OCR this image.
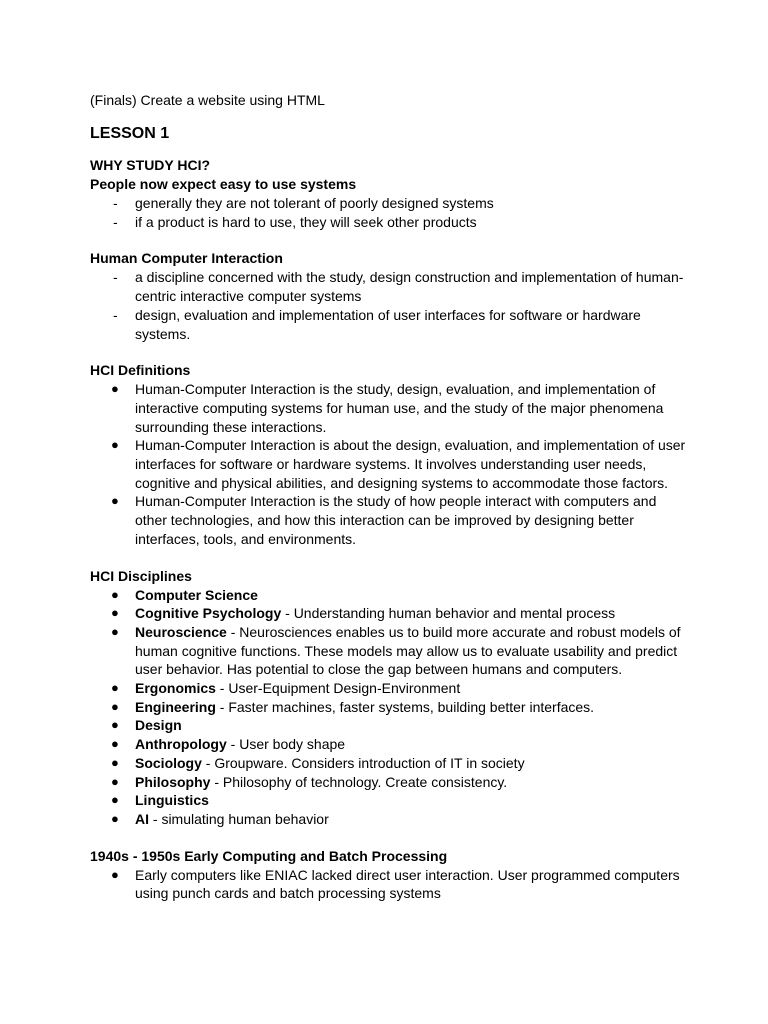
(Finals) Create a website using HTML
LESSON 1
WHY STUDY HCI?
People now expect easy to use systems
- generally they are not tolerant of poorly designed systems
- if a product is hard to use, they will seek other products
Human Computer Interaction
- a discipline concerned with the study, design construction and implementation of human-centric interactive computer systems
- design, evaluation and implementation of user interfaces for software or hardware systems.
HCI Definitions
● Human-Computer Interaction is the study, design, evaluation, and implementation of interactive computing systems for human use, and the study of the major phenomena surrounding these interactions.
● Human-Computer Interaction is about the design, evaluation, and implementation of user interfaces for software or hardware systems. It involves understanding user needs, cognitive and physical abilities, and designing systems to accommodate those factors.
● Human-Computer Interaction is the study of how people interact with computers and other technologies, and how this interaction can be improved by designing better interfaces, tools, and environments.
HCI Disciplines
● Computer Science
● Cognitive Psychology - Understanding human behavior and mental process
● Neuroscience - Neurosciences enables us to build more accurate and robust models of human cognitive functions. These models may allow us to evaluate usability and predict user behavior. Has potential to close the gap between humans and computers.
● Ergonomics - User-Equipment Design-Environment
● Engineering - Faster machines, faster systems, building better interfaces.
● Design
● Anthropology - User body shape
● Sociology - Groupware. Considers introduction of IT in society
● Philosophy - Philosophy of technology. Create consistency.
● Linguistics
● AI - simulating human behavior
1940s - 1950s Early Computing and Batch Processing
● Early computers like ENIAC lacked direct user interaction. User programmed computers using punch cards and batch processing systems
